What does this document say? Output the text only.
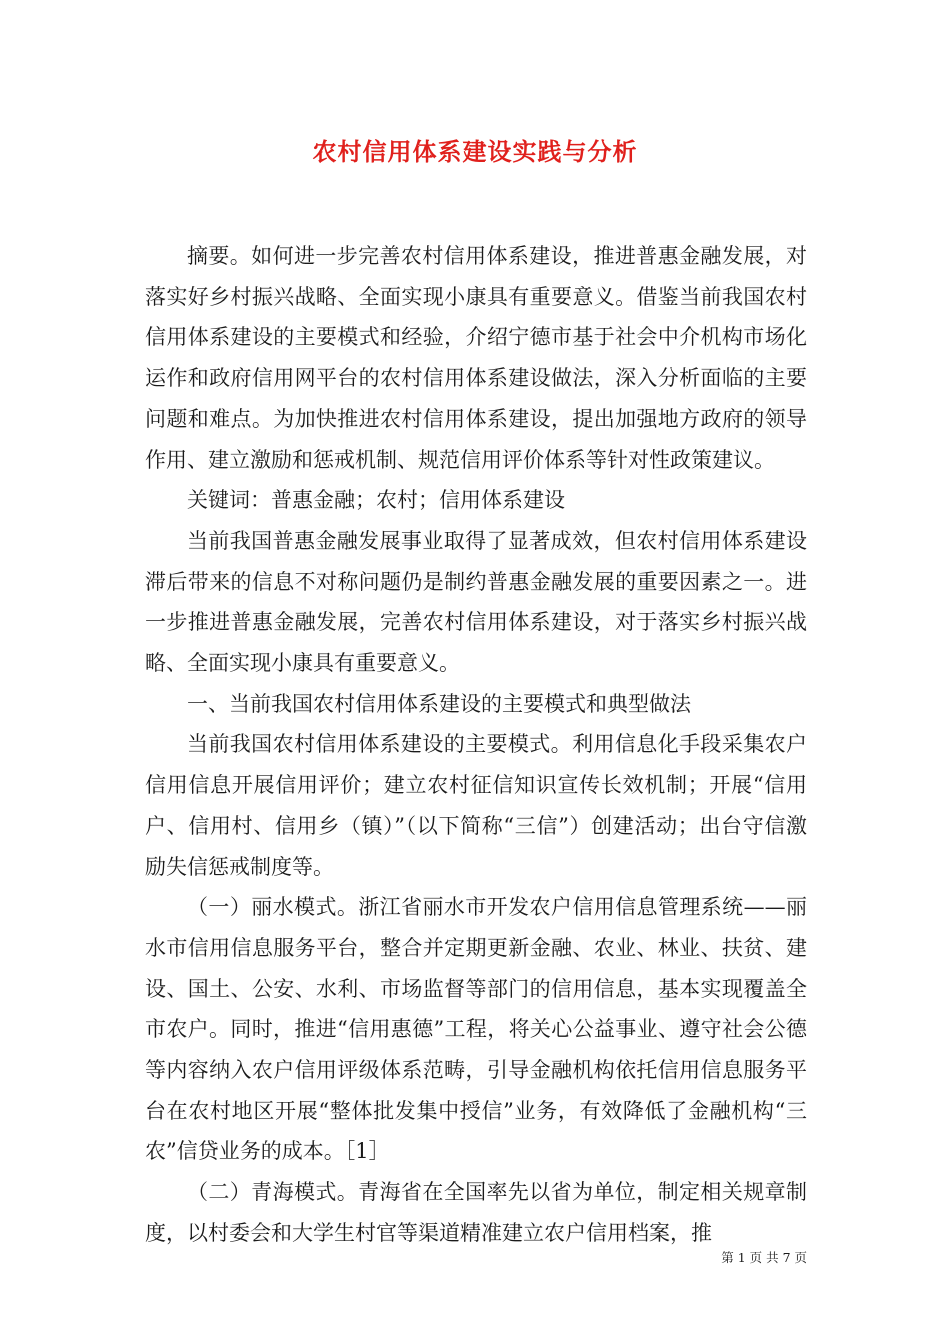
农村信用体系建设实践与分析

摘要。如何进一步完善农村信用体系建设，推进普惠金融发展，对落实好乡村振兴战略、全面实现小康具有重要意义。借鉴当前我国农村信用体系建设的主要模式和经验，介绍宁德市基于社会中介机构市场化运作和政府信用网平台的农村信用体系建设做法，深入分析面临的主要问题和难点。为加快推进农村信用体系建设，提出加强地方政府的领导作用、建立激励和惩戒机制、规范信用评价体系等针对性政策建议。

关键词：普惠金融；农村；信用体系建设

当前我国普惠金融发展事业取得了显著成效，但农村信用体系建设滞后带来的信息不对称问题仍是制约普惠金融发展的重要因素之一。进一步推进普惠金融发展，完善农村信用体系建设，对于落实乡村振兴战略、全面实现小康具有重要意义。

一、当前我国农村信用体系建设的主要模式和典型做法

当前我国农村信用体系建设的主要模式。利用信息化手段采集农户信用信息开展信用评价；建立农村征信知识宣传长效机制；开展“信用户、信用村、信用乡（镇）”（以下简称“三信”）创建活动；出台守信激励失信惩戒制度等。

（一）丽水模式。浙江省丽水市开发农户信用信息管理系统——丽水市信用信息服务平台，整合并定期更新金融、农业、林业、扶贫、建设、国土、公安、水利、市场监督等部门的信用信息，基本实现覆盖全市农户。同时，推进“信用惠德”工程，将关心公益事业、遵守社会公德等内容纳入农户信用评级体系范畴，引导金融机构依托信用信息服务平台在农村地区开展“整体批发集中授信”业务，有效降低了金融机构“三农”信贷业务的成本。［1］

（二）青海模式。青海省在全国率先以省为单位，制定相关规章制度，以村委会和大学生村官等渠道精准建立农户信用档案，推

第 1 页 共 7 页
